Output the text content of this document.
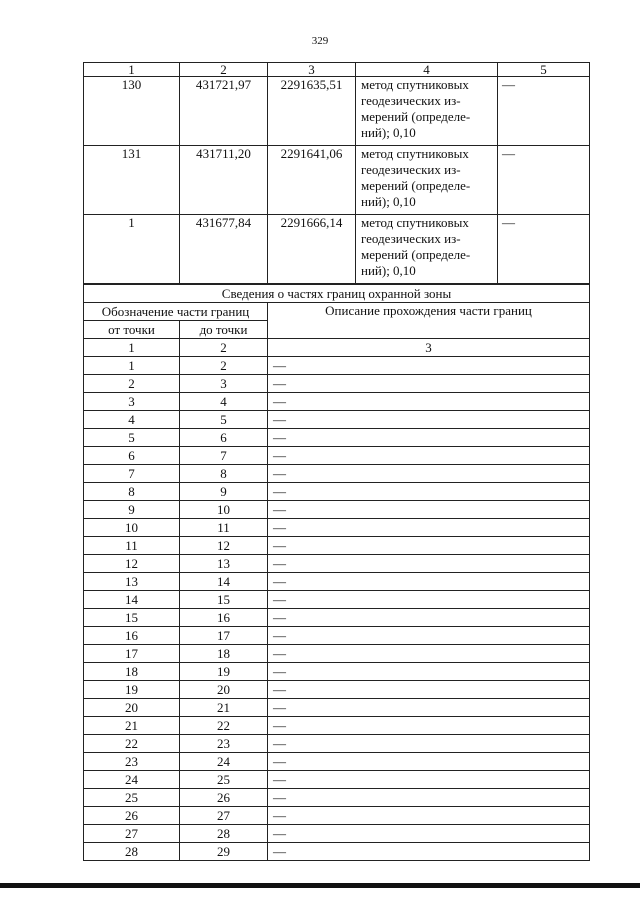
329
1	2	3	4	5
130	431721,97	2291635,51	метод спутниковых геодезических из-
мерений (определе-
ний); 0,10	—
131	431711,20	2291641,06	метод спутниковых геодезических из-
мерений (определе-
ний); 0,10	—
1	431677,84	2291666,14	метод спутниковых геодезических из-
мерений (определе-
ний); 0,10	—
Сведения о частях границ охранной зоны		
Обозначение части границ		Описание прохождения части границ
от точки	до точки	
1	2	3
1	2	—
2	3	—
3	4	—
4	5	—
5	6	—
6	7	—
7	8	—
8	9	—
9	10	—
10	11	—
11	12	—
12	13	—
13	14	—
14	15	—
15	16	—
16	17	—
17	18	—
18	19	—
19	20	—
20	21	—
21	22	—
22	23	—
23	24	—
24	25	—
25	26	—
26	27	—
27	28	—
28	29	—
